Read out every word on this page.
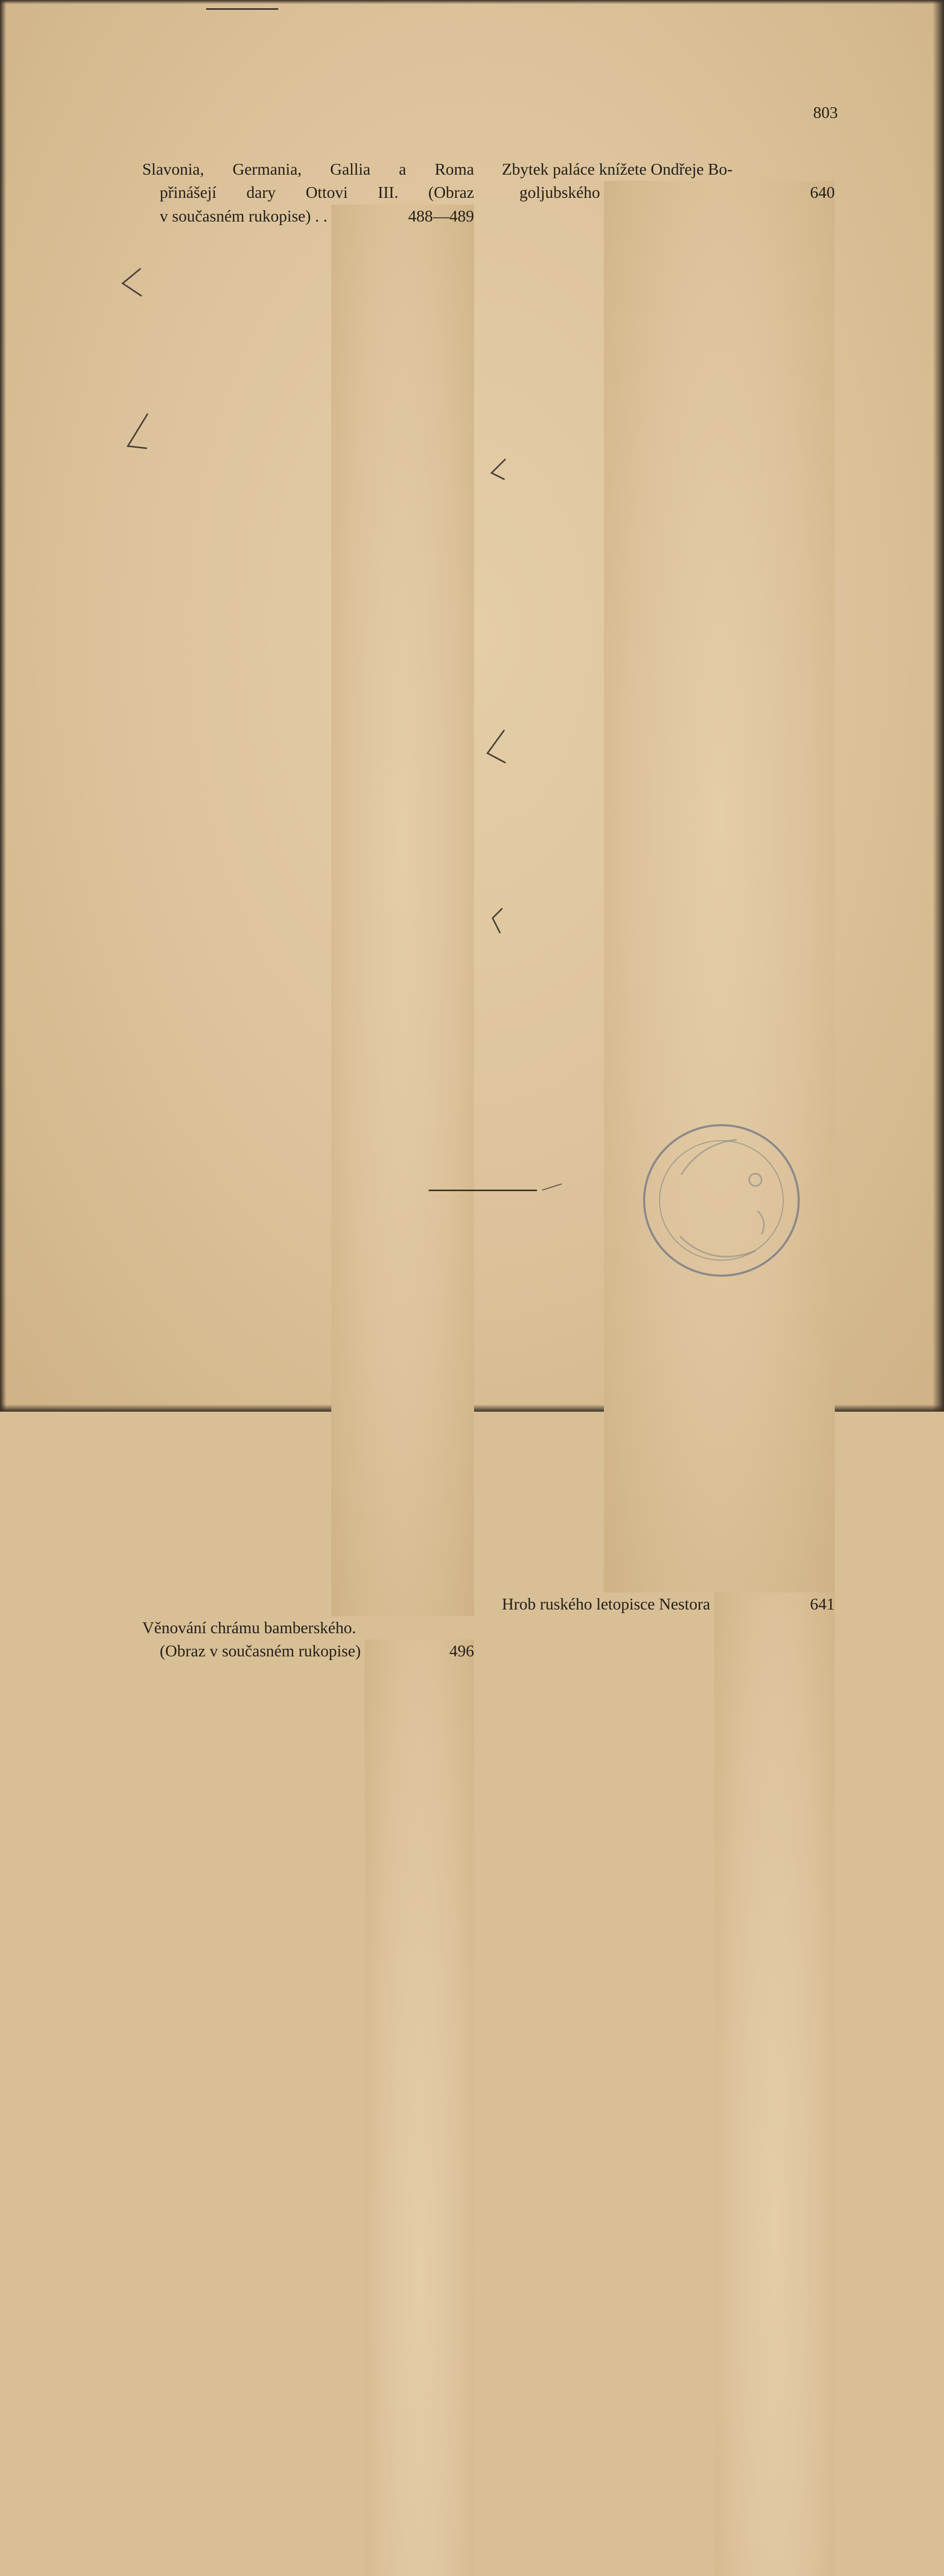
803
Slavonia, Germania, Gallia a Roma
přinášejí dary Ottovi III. (Obraz
v současném rukopise) . .	488—489
Věnování chrámu bamberského.
(Obraz v současném rukopise)	496
Zbytek paláce knížete Ondřeje Bo-
goljubského	640
Hrob ruského letopisce Nestora	641
